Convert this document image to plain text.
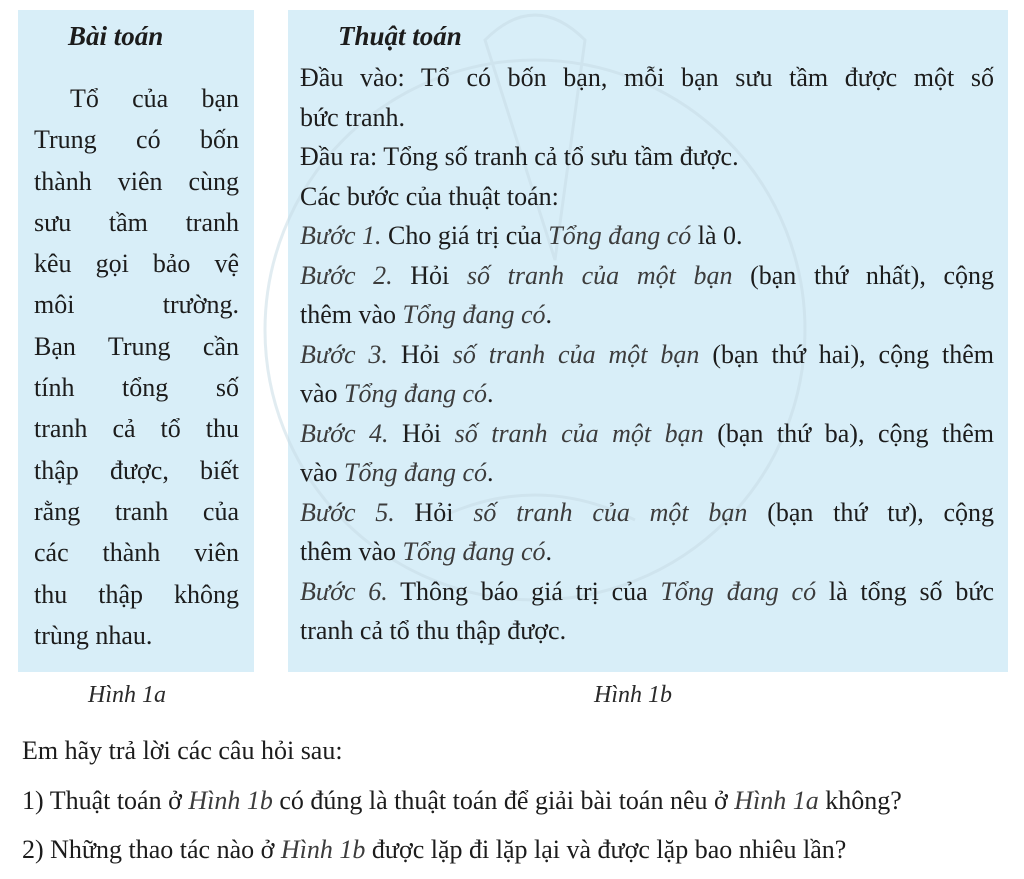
Bài toán	Thuật toán
Tổ của bạn
Trung có bốn
thành viên cùng
sưu tầm tranh
kêu gọi bảo vệ
môi trường.
Bạn Trung cần
tính tổng số
tranh cả tổ thu
thập được, biết
rằng tranh của
các thành viên
thu thập không
trùng nhau.
Đầu vào: Tổ có bốn bạn, mỗi bạn sưu tầm được một số
bức tranh.
Đầu ra: Tổng số tranh cả tổ sưu tầm được.
Các bước của thuật toán:
Bước 1. Cho giá trị của Tổng đang có là 0.
Bước 2. Hỏi số tranh của một bạn (bạn thứ nhất), cộng
thêm vào Tổng đang có.
Bước 3. Hỏi số tranh của một bạn (bạn thứ hai), cộng thêm
vào Tổng đang có.
Bước 4. Hỏi số tranh của một bạn (bạn thứ ba), cộng thêm
vào Tổng đang có.
Bước 5. Hỏi số tranh của một bạn (bạn thứ tư), cộng
thêm vào Tổng đang có.
Bước 6. Thông báo giá trị của Tổng đang có là tổng số bức
tranh cả tổ thu thập được.
Hình 1a	Hình 1b
Em hãy trả lời các câu hỏi sau:
1) Thuật toán ở Hình 1b có đúng là thuật toán để giải bài toán nêu ở Hình 1a không?
2) Những thao tác nào ở Hình 1b được lặp đi lặp lại và được lặp bao nhiêu lần?
